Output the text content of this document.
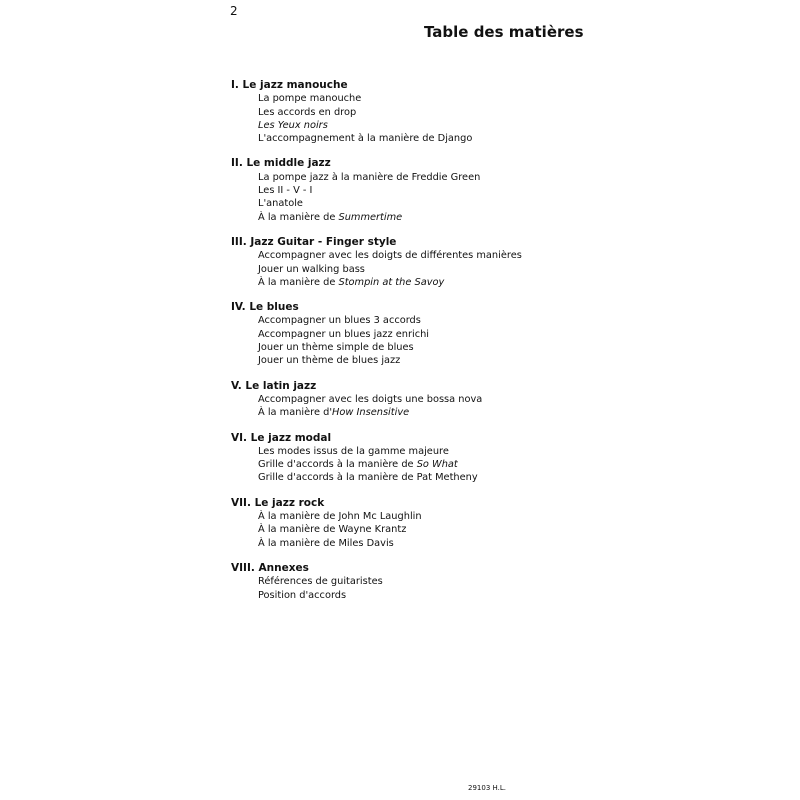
2
Table des matières
I. Le jazz manouche
La pompe manouche
Les accords en drop
Les Yeux noirs
L'accompagnement à la manière de Django
II. Le middle jazz
La pompe jazz à la manière de Freddie Green
Les II - V - I
L'anatole
À la manière de Summertime
III. Jazz Guitar - Finger style
Accompagner avec les doigts de différentes manières
Jouer un walking bass
À la manière de Stompin at the Savoy
IV. Le blues
Accompagner un blues 3 accords
Accompagner un blues jazz enrichi
Jouer un thème simple de blues
Jouer un thème de blues jazz
V. Le latin jazz
Accompagner avec les doigts une bossa nova
À la manière d'How Insensitive
VI. Le jazz modal
Les modes issus de la gamme majeure
Grille d'accords à la manière de So What
Grille d'accords à la manière de Pat Metheny
VII. Le jazz rock
À la manière de John Mc Laughlin
À la manière de Wayne Krantz
À la manière de Miles Davis
VIII. Annexes
Références de guitaristes
Position d'accords
29103 H.L.
